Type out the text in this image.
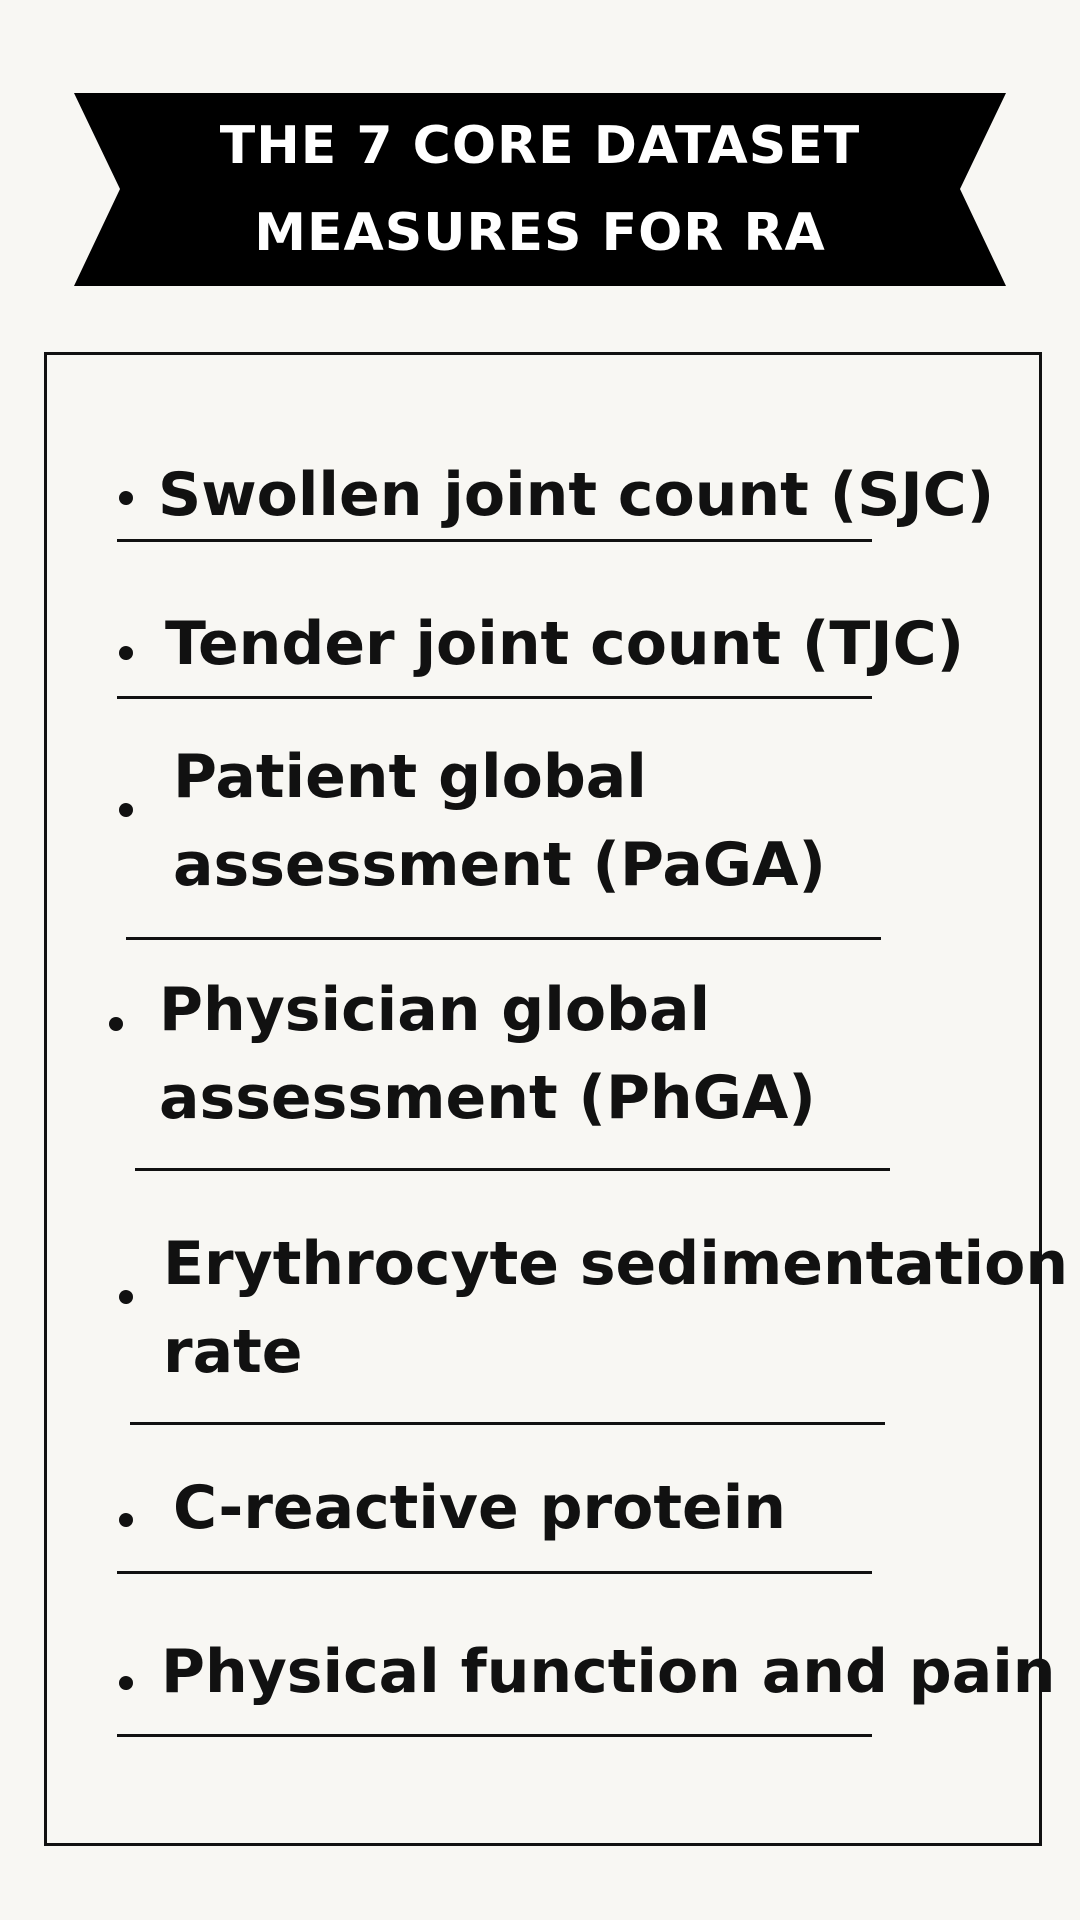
THE 7 CORE DATASET
MEASURES FOR RA
Swollen joint count (SJC)
Tender joint count (TJC)
Patient global
assessment (PaGA)
Physician global
assessment (PhGA)
Erythrocyte sedimentation
rate
C-reactive protein
Physical function and pain
